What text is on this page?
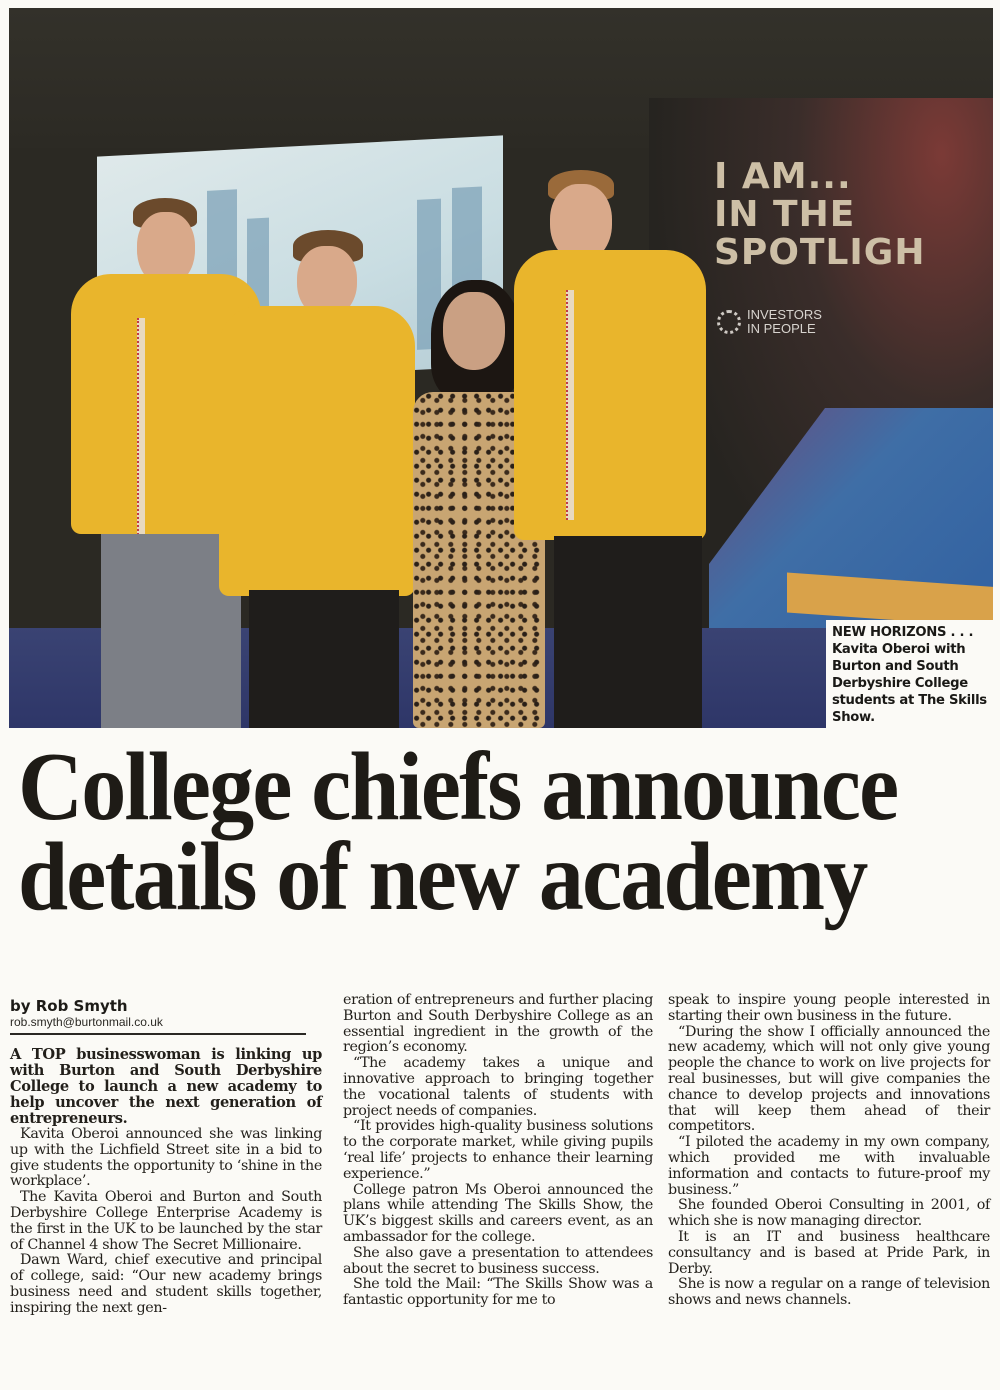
I AM...
IN THE
SPOTLIGH
INVESTORS
IN PEOPLE
NEW HORIZONS . . .
Kavita Oberoi with Burton and South Derbyshire College students at The Skills Show.
College chiefs announce
details of new academy
by Rob Smyth
rob.smyth@burtonmail.co.uk

A TOP businesswoman is linking up with Burton and South Derbyshire College to launch a new academy to help uncover the next generation of entrepreneurs.

Kavita Oberoi announced she was linking up with the Lichfield Street site in a bid to give students the opportunity to ‘shine in the workplace’.

The Kavita Oberoi and Burton and South Derbyshire College Enterprise Academy is the first in the UK to be launched by the star of Channel 4 show The Secret Millionaire.

Dawn Ward, chief executive and principal of college, said: “Our new academy brings business need and student skills together, inspiring the next gen-

eration of entrepreneurs and further placing Burton and South Derbyshire College as an essential ingredient in the growth of the region’s economy.

“The academy takes a unique and innovative approach to bringing together the vocational talents of students with project needs of companies.

“It provides high-quality business solutions to the corporate market, while giving pupils ‘real life’ projects to enhance their learning experience.”

College patron Ms Oberoi announced the plans while attending The Skills Show, the UK’s biggest skills and careers event, as an ambassador for the college.

She also gave a presentation to attendees about the secret to business success.

She told the Mail: “The Skills Show was a fantastic opportunity for me to

speak to inspire young people interested in starting their own business in the future.

“During the show I officially announced the new academy, which will not only give young people the chance to work on live projects for real businesses, but will give companies the chance to develop projects and innovations that will keep them ahead of their competitors.

“I piloted the academy in my own company, which provided me with invaluable information and contacts to future-proof my business.”

She founded Oberoi Consulting in 2001, of which she is now managing director.

It is an IT and business healthcare consultancy and is based at Pride Park, in Derby.

She is now a regular on a range of television shows and news channels.
